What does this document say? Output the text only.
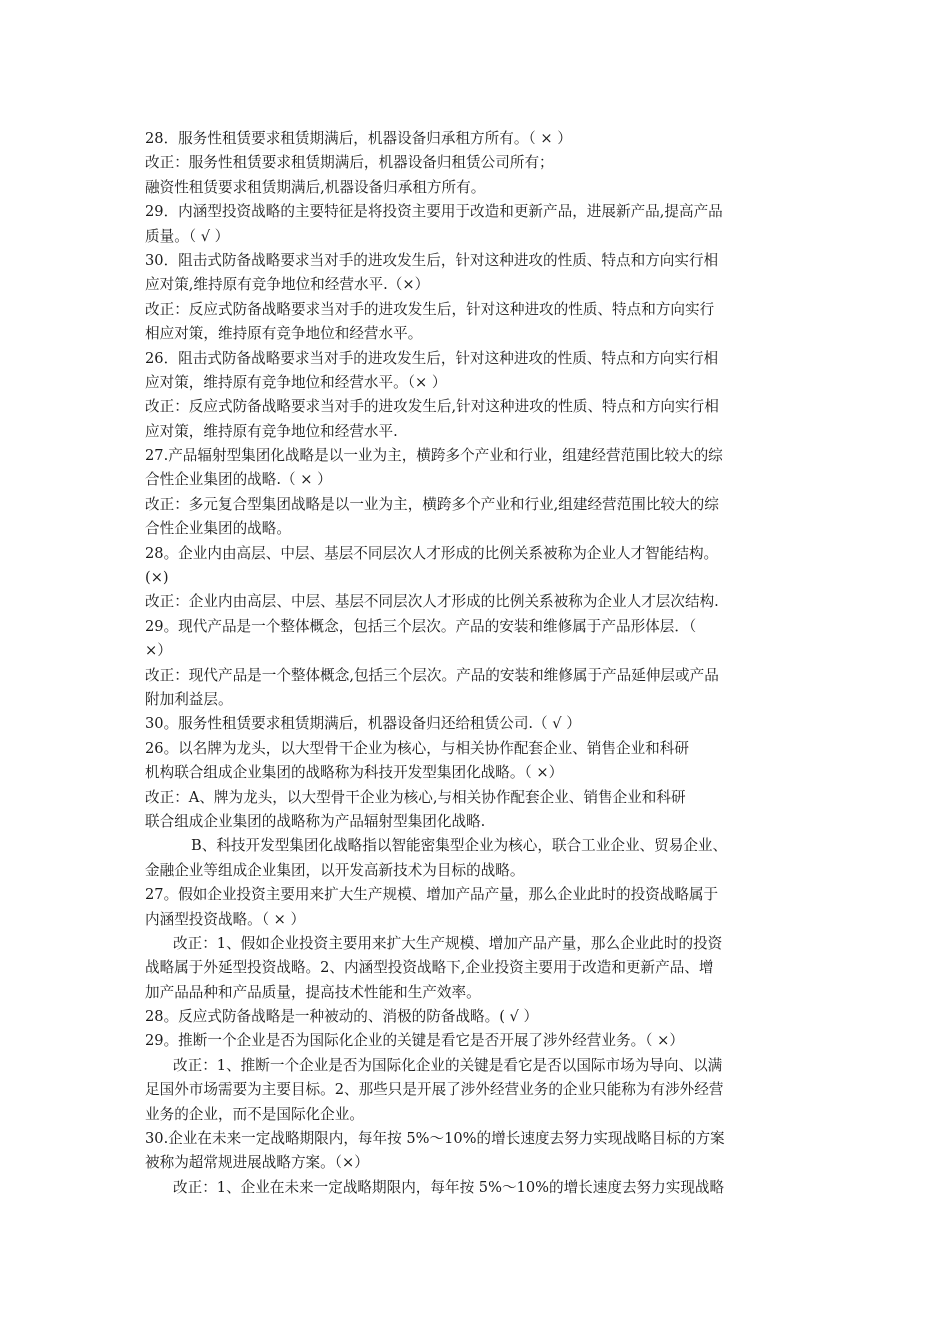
28．服务性租赁要求租赁期满后，机器设备归承租方所有。（ × ）
改正：服务性租赁要求租赁期满后，机器设备归租赁公司所有；
融资性租赁要求租赁期满后,机器设备归承租方所有。
29．内涵型投资战略的主要特征是将投资主要用于改造和更新产品，进展新产品,提高产品
质量。（ √ ）
30．阻击式防备战略要求当对手的进攻发生后，针对这种进攻的性质、特点和方向实行相
应对策,维持原有竞争地位和经营水平.（×）
改正：反应式防备战略要求当对手的进攻发生后，针对这种进攻的性质、特点和方向实行
相应对策，维持原有竞争地位和经营水平。
26．阻击式防备战略要求当对手的进攻发生后，针对这种进攻的性质、特点和方向实行相
应对策，维持原有竞争地位和经营水平。（× ）
改正：反应式防备战略要求当对手的进攻发生后,针对这种进攻的性质、特点和方向实行相
应对策，维持原有竞争地位和经营水平.
27.产品辐射型集团化战略是以一业为主，横跨多个产业和行业，组建经营范围比较大的综
合性企业集团的战略.（ × ）
改正：多元复合型集团战略是以一业为主，横跨多个产业和行业,组建经营范围比较大的综
合性企业集团的战略。
28。企业内由高层、中层、基层不同层次人才形成的比例关系被称为企业人才智能结构。
(×)
改正：企业内由高层、中层、基层不同层次人才形成的比例关系被称为企业人才层次结构.
29。现代产品是一个整体概念，包括三个层次。产品的安装和维修属于产品形体层．（
×）
改正：现代产品是一个整体概念,包括三个层次。产品的安装和维修属于产品延伸层或产品
附加利益层。
30。服务性租赁要求租赁期满后，机器设备归还给租赁公司.（ √ ）
26。以名牌为龙头，以大型骨干企业为核心，与相关协作配套企业、销售企业和科研
机构联合组成企业集团的战略称为科技开发型集团化战略。（ ×）
改正：A、牌为龙头，以大型骨干企业为核心,与相关协作配套企业、销售企业和科研
联合组成企业集团的战略称为产品辐射型集团化战略.
B、科技开发型集团化战略指以智能密集型企业为核心，联合工业企业、贸易企业、
金融企业等组成企业集团，以开发高新技术为目标的战略。
27。假如企业投资主要用来扩大生产规模、增加产品产量，那么企业此时的投资战略属于
内涵型投资战略。（ × ）
改正：1、假如企业投资主要用来扩大生产规模、增加产品产量，那么企业此时的投资
战略属于外延型投资战略。2、内涵型投资战略下,企业投资主要用于改造和更新产品、增
加产品品种和产品质量，提高技术性能和生产效率。
28。反应式防备战略是一种被动的、消极的防备战略。( √ ）
29。推断一个企业是否为国际化企业的关键是看它是否开展了涉外经营业务。（ ×）
改正：1、推断一个企业是否为国际化企业的关键是看它是否以国际市场为导向、以满
足国外市场需要为主要目标。2、那些只是开展了涉外经营业务的企业只能称为有涉外经营
业务的企业，而不是国际化企业。
30.企业在未来一定战略期限内，每年按 5%～10%的增长速度去努力实现战略目标的方案
被称为超常规进展战略方案。（×）
改正：1、企业在未来一定战略期限内，每年按 5%～10%的增长速度去努力实现战略
